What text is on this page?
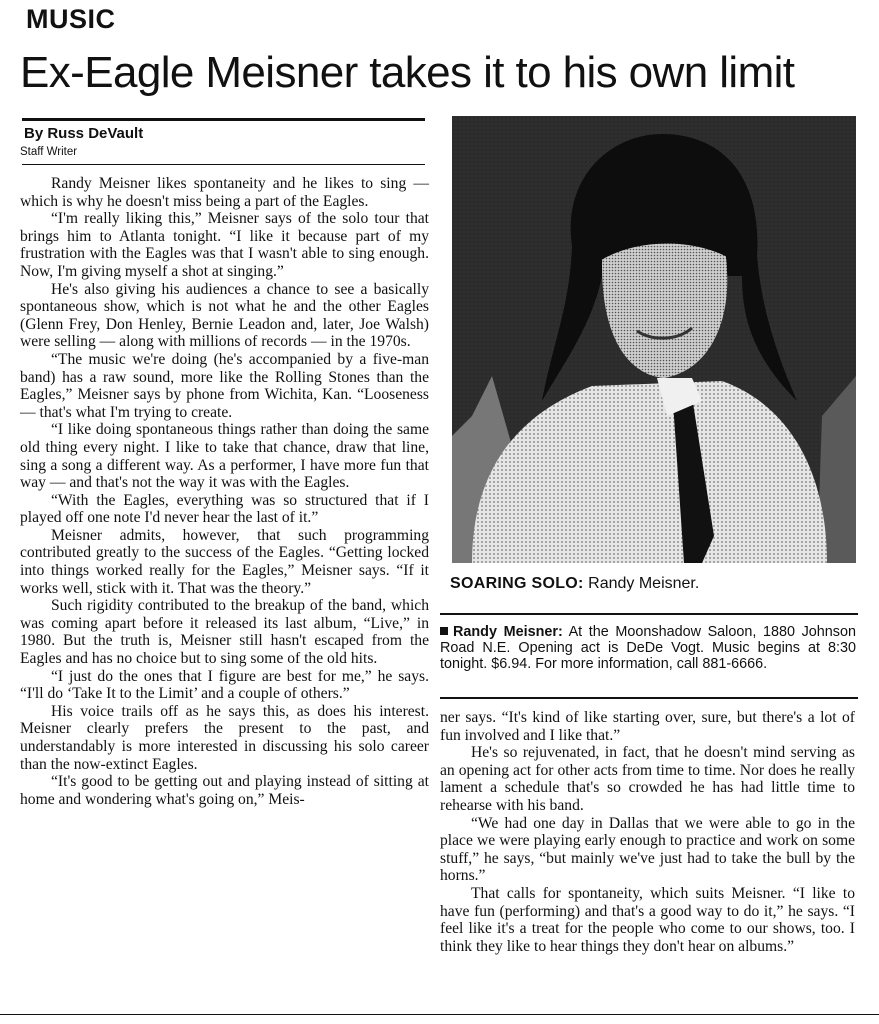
MUSIC
Ex-Eagle Meisner takes it to his own limit
By Russ DeVault
Staff Writer

Randy Meisner likes spontaneity and he likes to sing — which is why he doesn't miss being a part of the Eagles.

“I'm really liking this,” Meisner says of the solo tour that brings him to Atlanta tonight. “I like it because part of my frustration with the Eagles was that I wasn't able to sing enough. Now, I'm giving myself a shot at singing.”

He's also giving his audiences a chance to see a basically spontaneous show, which is not what he and the other Eagles (Glenn Frey, Don Henley, Bernie Leadon and, later, Joe Walsh) were selling — along with millions of records — in the 1970s.

“The music we're doing (he's accompanied by a five-man band) has a raw sound, more like the Rolling Stones than the Eagles,” Meisner says by phone from Wichita, Kan. “Looseness — that's what I'm trying to create.

“I like doing spontaneous things rather than doing the same old thing every night. I like to take that chance, draw that line, sing a song a different way. As a performer, I have more fun that way — and that's not the way it was with the Eagles.

“With the Eagles, everything was so structured that if I played off one note I'd never hear the last of it.”

Meisner admits, however, that such programming contributed greatly to the success of the Eagles. “Getting locked into things worked really for the Eagles,” Meisner says. “If it works well, stick with it. That was the theory.”

Such rigidity contributed to the breakup of the band, which was coming apart before it released its last album, “Live,” in 1980. But the truth is, Meisner still hasn't escaped from the Eagles and has no choice but to sing some of the old hits.

“I just do the ones that I figure are best for me,” he says. “I'll do ‘Take It to the Limit’ and a couple of others.”

His voice trails off as he says this, as does his interest. Meisner clearly prefers the present to the past, and understandably is more interested in discussing his solo career than the now-extinct Eagles.

“It's good to be getting out and playing instead of sitting at home and wondering what's going on,” Meis-

SOARING SOLO: Randy Meisner.
Randy Meisner: At the Moonshadow Saloon, 1880 Johnson Road N.E. Opening act is DeDe Vogt. Music begins at 8:30 tonight. $6.94. For more information, call 881-6666.

ner says. “It's kind of like starting over, sure, but there's a lot of fun involved and I like that.”

He's so rejuvenated, in fact, that he doesn't mind serving as an opening act for other acts from time to time. Nor does he really lament a schedule that's so crowded he has had little time to rehearse with his band.

“We had one day in Dallas that we were able to go in the place we were playing early enough to practice and work on some stuff,” he says, “but mainly we've just had to take the bull by the horns.”

That calls for spontaneity, which suits Meisner. “I like to have fun (performing) and that's a good way to do it,” he says. “I feel like it's a treat for the people who come to our shows, too. I think they like to hear things they don't hear on albums.”
